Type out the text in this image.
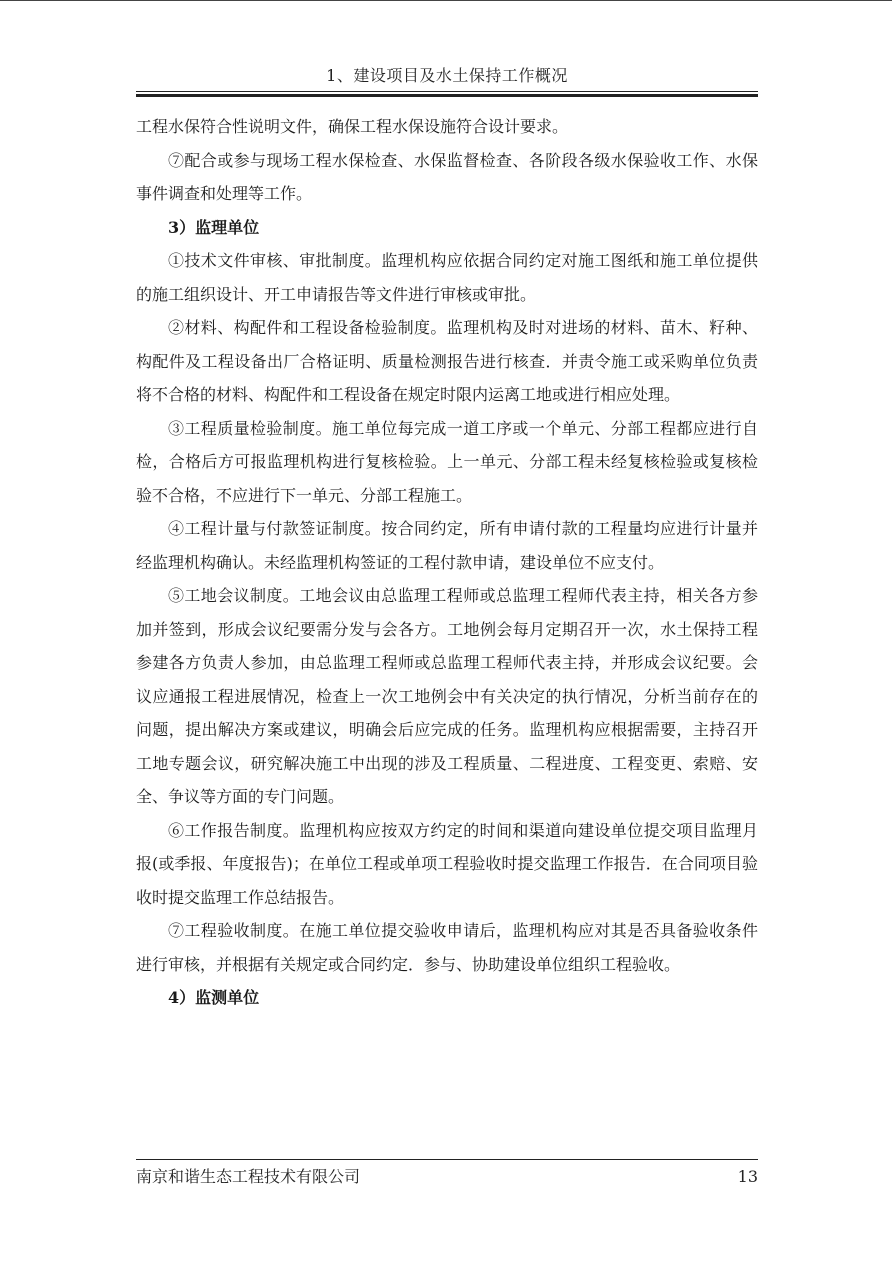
1、建设项目及水土保持工作概况

工程水保符合性说明文件，确保工程水保设施符合设计要求。

⑦配合或参与现场工程水保检查、水保监督检查、各阶段各级水保验收工作、水保事件调查和处理等工作。

3）监理单位

①技术文件审核、审批制度。监理机构应依据合同约定对施工图纸和施工单位提供的施工组织设计、开工申请报告等文件进行审核或审批。

②材料、构配件和工程设备检验制度。监理机构及时对进场的材料、苗木、籽种、构配件及工程设备出厂合格证明、质量检测报告进行核查．并责令施工或采购单位负责将不合格的材料、构配件和工程设备在规定时限内运离工地或进行相应处理。

③工程质量检验制度。施工单位每完成一道工序或一个单元、分部工程都应进行自检，合格后方可报监理机构进行复核检验。上一单元、分部工程未经复核检验或复核检验不合格，不应进行下一单元、分部工程施工。

④工程计量与付款签证制度。按合同约定，所有申请付款的工程量均应进行计量并经监理机构确认。未经监理机构签证的工程付款申请，建设单位不应支付。

⑤工地会议制度。工地会议由总监理工程师或总监理工程师代表主持，相关各方参加并签到，形成会议纪要需分发与会各方。工地例会每月定期召开一次，水土保持工程参建各方负责人参加，由总监理工程师或总监理工程师代表主持，并形成会议纪要。会议应通报工程进展情况，检查上一次工地例会中有关决定的执行情况，分析当前存在的问题，提出解决方案或建议，明确会后应完成的任务。监理机构应根据需要，主持召开工地专题会议，研究解决施工中出现的涉及工程质量、二程进度、工程变更、索赔、安全、争议等方面的专门问题。

⑥工作报告制度。监理机构应按双方约定的时间和渠道向建设单位提交项目监理月报(或季报、年度报告)；在单位工程或单项工程验收时提交监理工作报告．在合同项目验收时提交监理工作总结报告。

⑦工程验收制度。在施工单位提交验收申请后，监理机构应对其是否具备验收条件进行审核，并根据有关规定或合同约定．参与、协助建设单位组织工程验收。

4）监测单位

南京和谐生态工程技术有限公司	13
